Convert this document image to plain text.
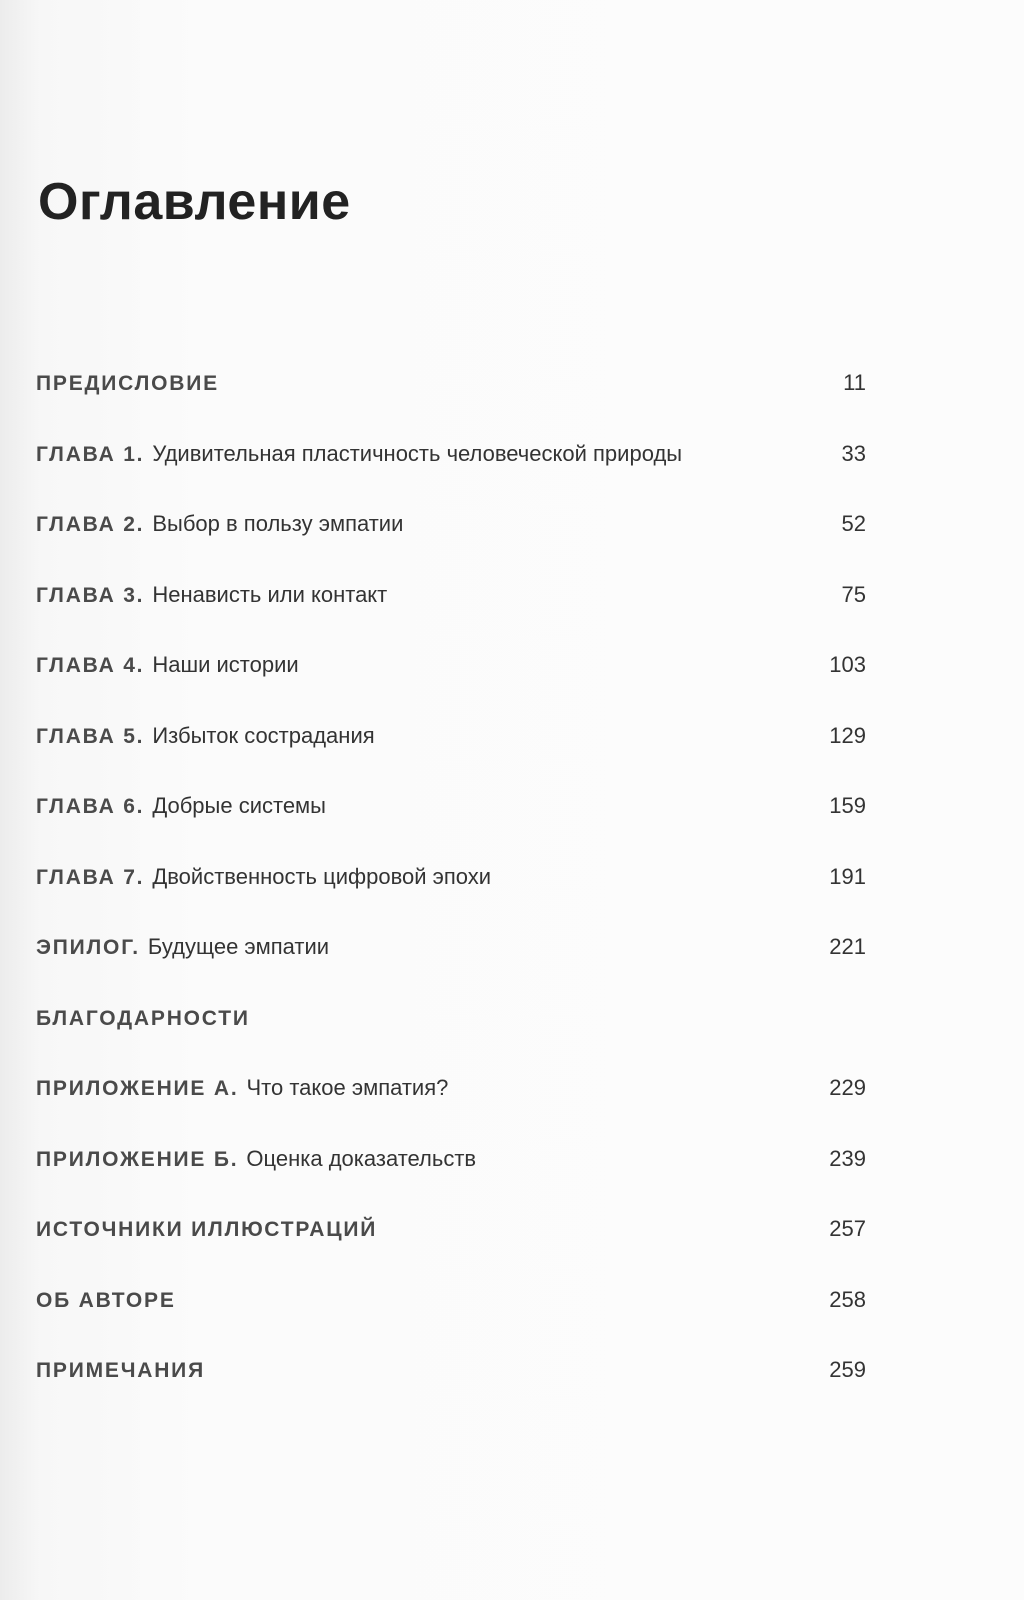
Оглавление
ПРЕДИСЛОВИЕ	11
ГЛАВА 1. Удивительная пластичность человеческой природы	33
ГЛАВА 2. Выбор в пользу эмпатии	52
ГЛАВА 3. Ненависть или контакт	75
ГЛАВА 4. Наши истории	103
ГЛАВА 5. Избыток сострадания	129
ГЛАВА 6. Добрые системы	159
ГЛАВА 7. Двойственность цифровой эпохи	191
ЭПИЛОГ. Будущее эмпатии	221
БЛАГОДАРНОСТИ
ПРИЛОЖЕНИЕ А. Что такое эмпатия?	229
ПРИЛОЖЕНИЕ Б. Оценка доказательств	239
ИСТОЧНИКИ ИЛЛЮСТРАЦИЙ	257
ОБ АВТОРЕ	258
ПРИМЕЧАНИЯ	259
